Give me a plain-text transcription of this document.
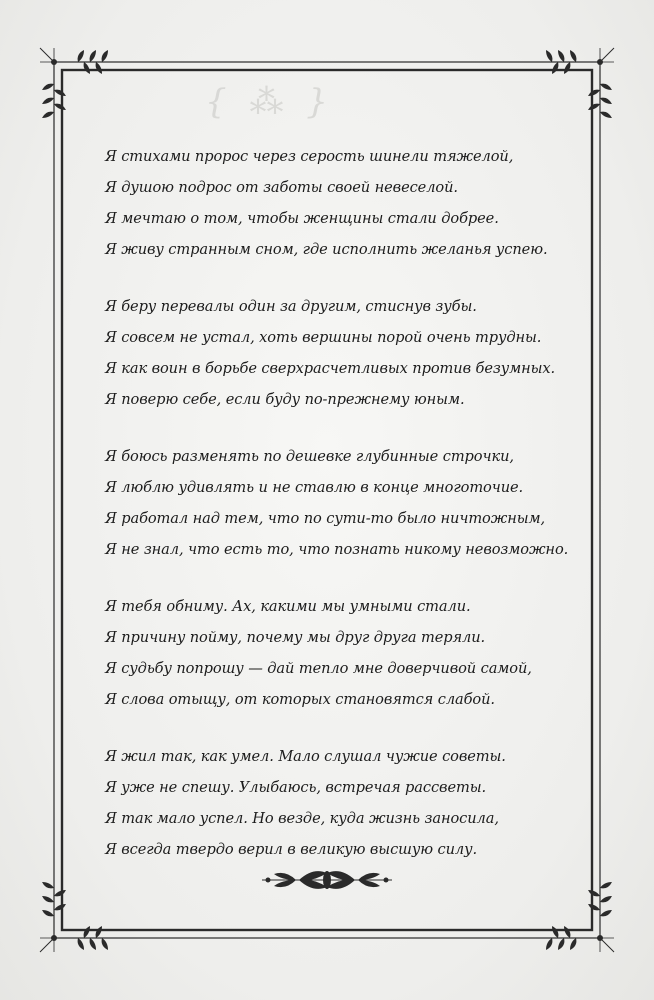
{ ⁂ }
Я стихами пророс через серость шинели тяжелой,
Я душою подрос от заботы своей невеселой.
Я мечтаю о том, чтобы женщины стали добрее.
Я живу странным сном, где исполнить желанья успею.
Я беру перевалы один за другим, стиснув зубы.
Я совсем не устал, хоть вершины порой очень трудны.
Я как воин в борьбе сверхрасчетливых против безумных.
Я поверю себе, если буду по-прежнему юным.
Я боюсь разменять по дешевке глубинные строчки,
Я люблю удивлять и не ставлю в конце многоточие.
Я работал над тем, что по сути-то было ничтожным,
Я не знал, что есть то, что познать никому невозможно.
Я тебя обниму. Ах, какими мы умными стали.
Я причину пойму, почему мы друг друга теряли.
Я судьбу попрошу — дай тепло мне доверчивой самой,
Я слова отыщу, от которых становятся слабой.
Я жил так, как умел. Мало слушал чужие советы.
Я уже не спешу. Улыбаюсь, встречая рассветы.
Я так мало успел. Но везде, куда жизнь заносила,
Я всегда твердо верил в великую высшую силу.
